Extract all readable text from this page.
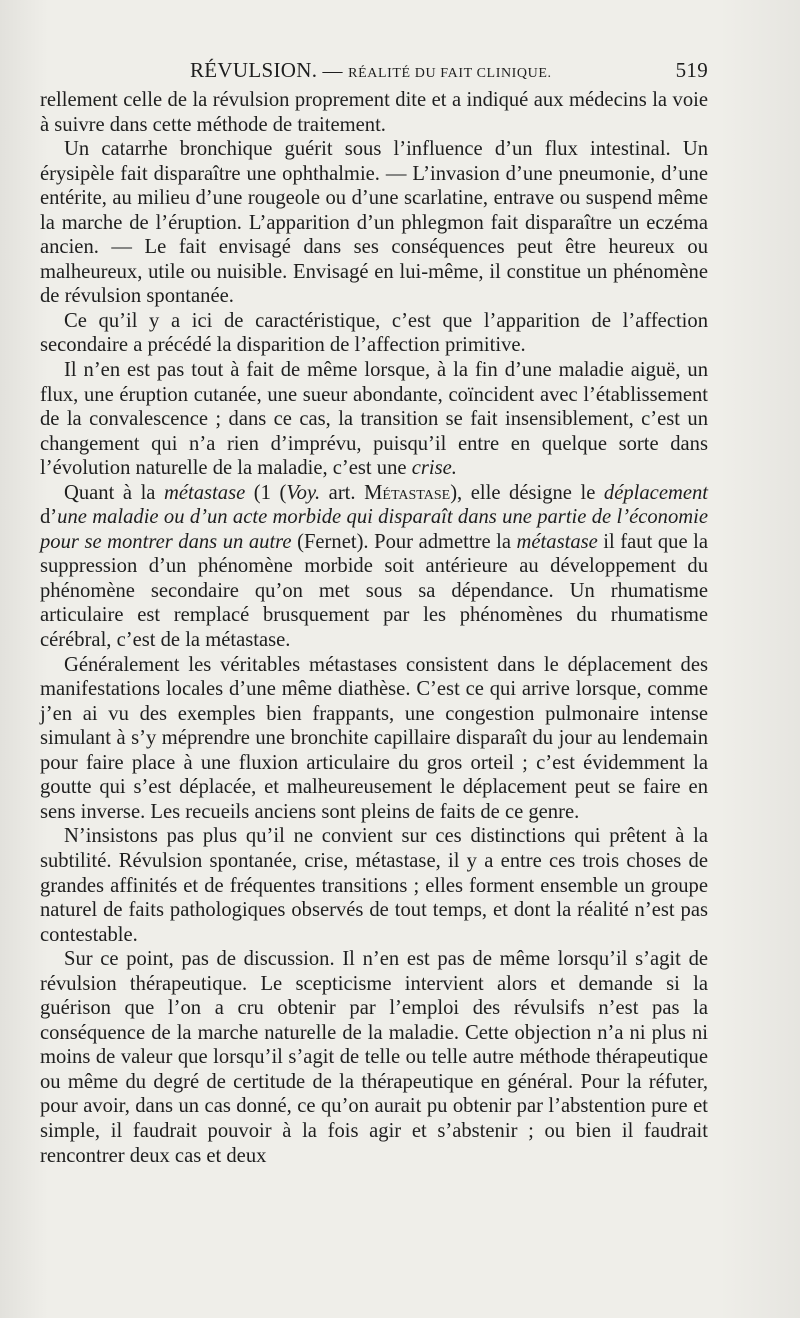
RÉVULSION. — RÉALITÉ DU FAIT CLINIQUE.	519

rellement celle de la révulsion proprement dite et a indiqué aux médecins la voie à suivre dans cette méthode de traitement.

Un catarrhe bronchique guérit sous l’influence d’un flux intestinal. Un érysipèle fait disparaître une ophthalmie. — L’invasion d’une pneumonie, d’une entérite, au milieu d’une rougeole ou d’une scarlatine, entrave ou suspend même la marche de l’éruption. L’apparition d’un phlegmon fait disparaître un eczéma ancien. — Le fait envisagé dans ses conséquences peut être heureux ou malheureux, utile ou nuisible. Envisagé en lui-même, il constitue un phénomène de révulsion spontanée.

Ce qu’il y a ici de caractéristique, c’est que l’apparition de l’affection secondaire a précédé la disparition de l’affection primitive.

Il n’en est pas tout à fait de même lorsque, à la fin d’une maladie aiguë, un flux, une éruption cutanée, une sueur abondante, coïncident avec l’établissement de la convalescence ; dans ce cas, la transition se fait insensiblement, c’est un changement qui n’a rien d’imprévu, puisqu’il entre en quelque sorte dans l’évolution naturelle de la maladie, c’est une crise.

Quant à la métastase (1 (Voy. art. Métastase), elle désigne le déplacement d’une maladie ou d’un acte morbide qui disparaît dans une partie de l’économie pour se montrer dans un autre (Fernet). Pour admettre la métastase il faut que la suppression d’un phénomène morbide soit antérieure au développement du phénomène secondaire qu’on met sous sa dépendance. Un rhumatisme articulaire est remplacé brusquement par les phénomènes du rhumatisme cérébral, c’est de la métastase.

Généralement les véritables métastases consistent dans le déplacement des manifestations locales d’une même diathèse. C’est ce qui arrive lorsque, comme j’en ai vu des exemples bien frappants, une congestion pulmonaire intense simulant à s’y méprendre une bronchite capillaire disparaît du jour au lendemain pour faire place à une fluxion articulaire du gros orteil ; c’est évidemment la goutte qui s’est déplacée, et malheureusement le déplacement peut se faire en sens inverse. Les recueils anciens sont pleins de faits de ce genre.

N’insistons pas plus qu’il ne convient sur ces distinctions qui prêtent à la subtilité. Révulsion spontanée, crise, métastase, il y a entre ces trois choses de grandes affinités et de fréquentes transitions ; elles forment ensemble un groupe naturel de faits pathologiques observés de tout temps, et dont la réalité n’est pas contestable.

Sur ce point, pas de discussion. Il n’en est pas de même lorsqu’il s’agit de révulsion thérapeutique. Le scepticisme intervient alors et demande si la guérison que l’on a cru obtenir par l’emploi des révulsifs n’est pas la conséquence de la marche naturelle de la maladie. Cette objection n’a ni plus ni moins de valeur que lorsqu’il s’agit de telle ou telle autre méthode thérapeutique ou même du degré de certitude de la thérapeutique en général. Pour la réfuter, pour avoir, dans un cas donné, ce qu’on aurait pu obtenir par l’abstention pure et simple, il faudrait pouvoir à la fois agir et s’abstenir ; ou bien il faudrait rencontrer deux cas et deux
